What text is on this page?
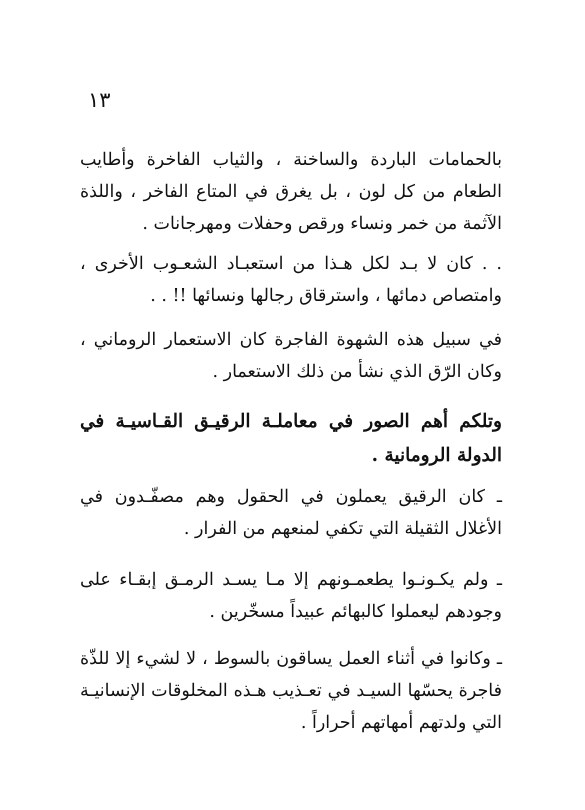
١٣

بالحمامات الباردة والساخنة ، والثياب الفاخرة وأطايب الطعام من كل لون ، بل يغرق في المتاع الفاخر ، واللذة الآثمة من خمر ونساء ورقص وحفلات ومهرجانات .

. . كان لا بـد لكل هـذا من استعبـاد الشعـوب الأخرى ، وامتصاص دمائها ، واسترقاق رجالها ونسائها !! . .

في سبيل هذه الشهوة الفاجرة كان الاستعمار الروماني ، وكان الرّق الذي نشأ من ذلك الاستعمار .

وتلكم أهم الصور في معاملـة الرقيـق القـاسيـة في الدولة الرومانية .

ـ كان الرقيق يعملون في الحقول وهم مصفّـدون في الأغلال الثقيلة التي تكفي لمنعهم من الفرار .

ـ ولم يكـونـوا يطعمـونهم إلا مـا يسـد الرمـق إبقـاء على وجودهم ليعملوا كالبهائم عبيداً مسخّرين .

ـ وكانوا في أثناء العمل يساقون بالسوط ، لا لشيء إلا للذّة فاجرة يحسّها السيـد في تعـذيب هـذه المخلوقات الإنسانيـة التي ولدتهم أمهاتهم أحراراً .
